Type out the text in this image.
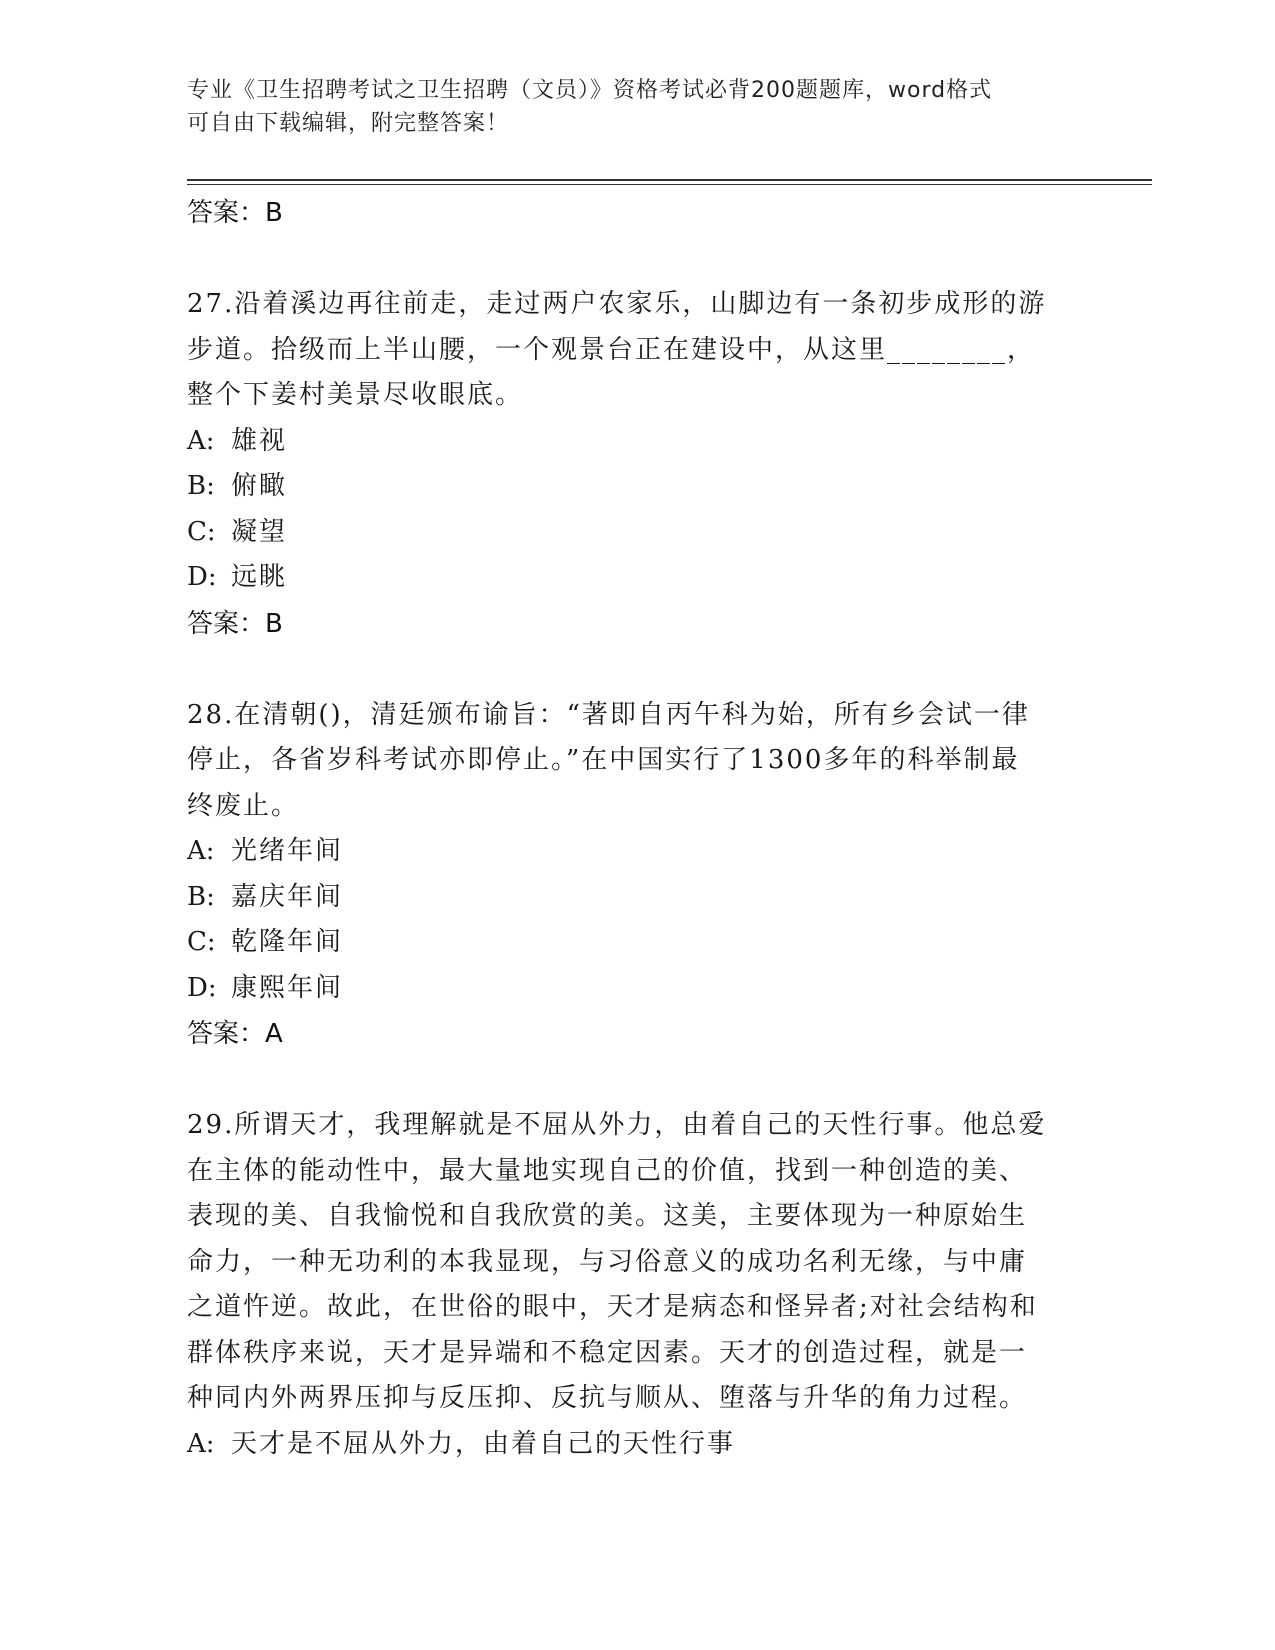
专业《卫生招聘考试之卫生招聘（文员）》资格考试必背200题题库，word格式
可自由下载编辑，附完整答案！
答案：B
27.沿着溪边再往前走，走过两户农家乐，山脚边有一条初步成形的游
步道。拾级而上半山腰，一个观景台正在建设中，从这里________，
整个下姜村美景尽收眼底。
A: 雄视
B: 俯瞰
C: 凝望
D: 远眺
答案：B
28.在清朝()，清廷颁布谕旨：“著即自丙午科为始，所有乡会试一律
停止，各省岁科考试亦即停止。”在中国实行了1300多年的科举制最
终废止。
A: 光绪年间
B: 嘉庆年间
C: 乾隆年间
D: 康熙年间
答案：A
29.所谓天才，我理解就是不屈从外力，由着自己的天性行事。他总爱
在主体的能动性中，最大量地实现自己的价值，找到一种创造的美、
表现的美、自我愉悦和自我欣赏的美。这美，主要体现为一种原始生
命力，一种无功利的本我显现，与习俗意义的成功名利无缘，与中庸
之道忤逆。故此，在世俗的眼中，天才是病态和怪异者;对社会结构和
群体秩序来说，天才是异端和不稳定因素。天才的创造过程，就是一
种同内外两界压抑与反压抑、反抗与顺从、堕落与升华的角力过程。
A: 天才是不屈从外力，由着自己的天性行事
